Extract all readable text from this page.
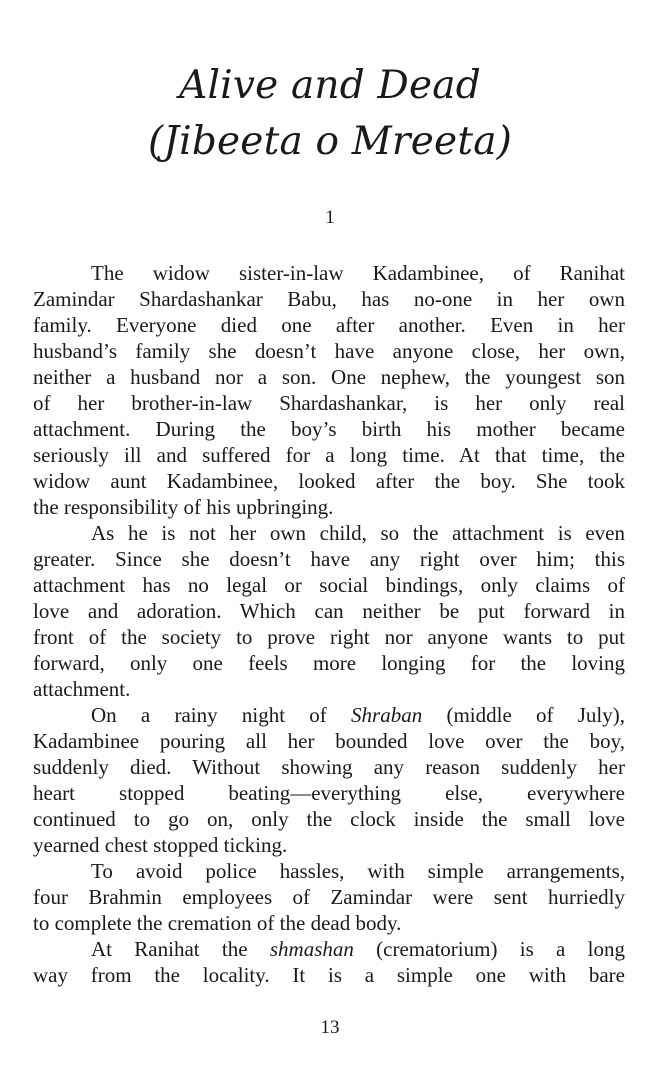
Alive and Dead
(Jibeeta o Mreeta)
1
The widow sister-in-law Kadambinee, of Ranihat
Zamindar Shardashankar Babu, has no-one in her own
family. Everyone died one after another. Even in her
husband’s family she doesn’t have anyone close, her own,
neither a husband nor a son. One nephew, the youngest son
of her brother-in-law Shardashankar, is her only real
attachment. During the boy’s birth his mother became
seriously ill and suffered for a long time. At that time, the
widow aunt Kadambinee, looked after the boy. She took
the responsibility of his upbringing.
As he is not her own child, so the attachment is even
greater. Since she doesn’t have any right over him; this
attachment has no legal or social bindings, only claims of
love and adoration. Which can neither be put forward in
front of the society to prove right nor anyone wants to put
forward, only one feels more longing for the loving
attachment.
On a rainy night of Shraban (middle of July),
Kadambinee pouring all her bounded love over the boy,
suddenly died. Without showing any reason suddenly her
heart stopped beating—everything else, everywhere
continued to go on, only the clock inside the small love
yearned chest stopped ticking.
To avoid police hassles, with simple arrangements,
four Brahmin employees of Zamindar were sent hurriedly
to complete the cremation of the dead body.
At Ranihat the shmashan (crematorium) is a long
way from the locality. It is a simple one with bare
13
